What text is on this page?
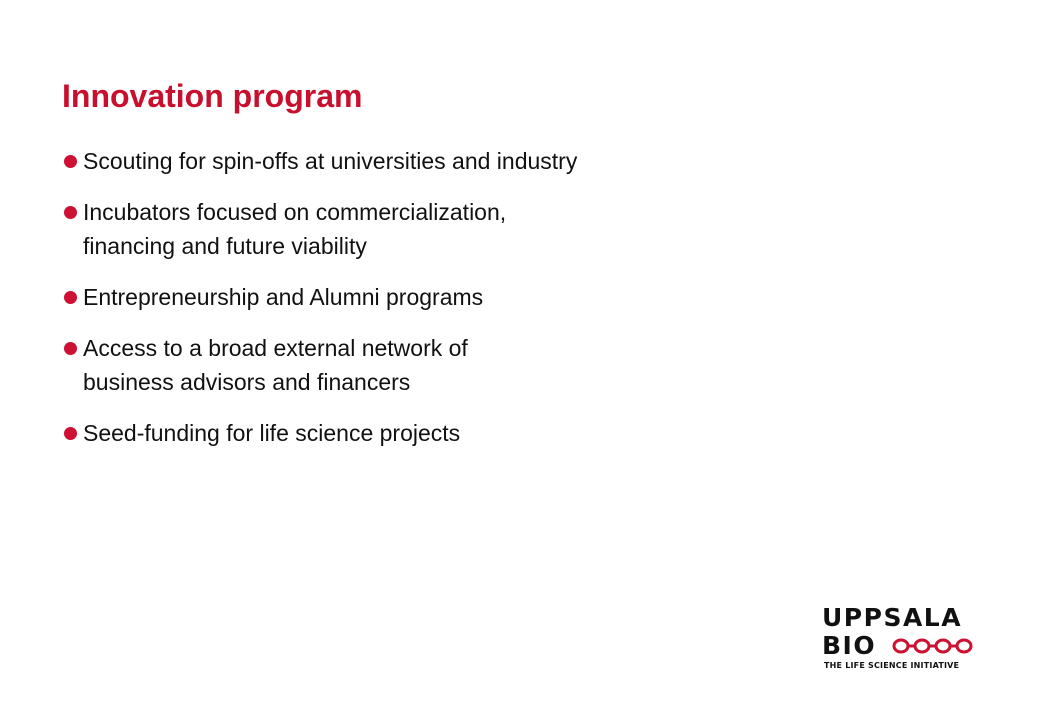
Innovation program
Scouting for spin-offs at universities and industry
Incubators focused on commercialization,
financing and future viability
Entrepreneurship and Alumni programs
Access to a broad external network of
business advisors and financers
Seed-funding for life science projects
UPPSALA
BIO
THE LIFE SCIENCE INITIATIVE
